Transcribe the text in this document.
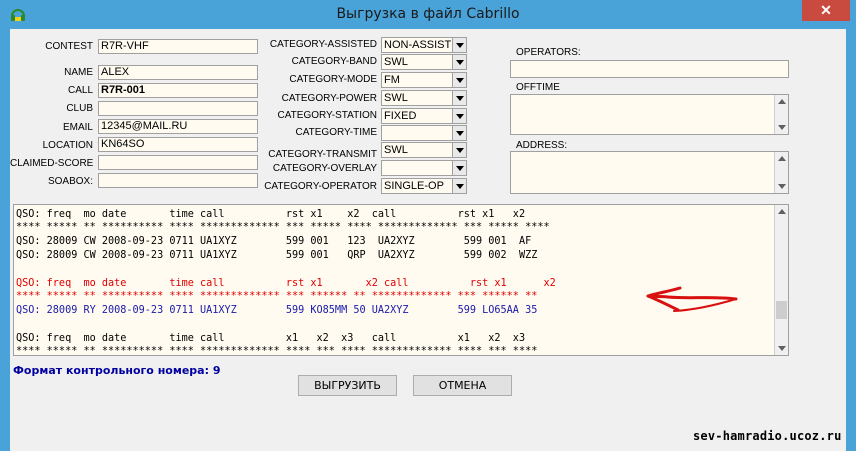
Выгрузка в файл Cabrillo	✕
CONTEST R7R-VHF
NAME ALEX
CALL R7R-001
CLUB
EMAIL 12345@MAIL.RU
LOCATION KN64SO
CLAIMED-SCORE
SOABOX:
CATEGORY-ASSISTED NON-ASSIST
CATEGORY-BAND SWL
CATEGORY-MODE FM
CATEGORY-POWER SWL
CATEGORY-STATION FIXED
CATEGORY-TIME
CATEGORY-TRANSMIT SWL
CATEGORY-OVERLAY
CATEGORY-OPERATOR SINGLE-OP
OPERATORS:
OFFTIME
ADDRESS:
QSO: freq  mo date       time call          rst x1    x2  call          rst x1   x2
**** ***** ** ********** **** ************* *** ***** **** ************* *** ***** ****
QSO: 28009 CW 2008-09-23 0711 UA1XYZ        599 001   123  UA2XYZ        599 001  AF
QSO: 28009 CW 2008-09-23 0711 UA1XYZ        599 001   QRP  UA2XYZ        599 002  WZZ
QSO: freq  mo date       time call          rst x1       x2 call          rst x1      x2
**** ***** ** ********** **** ************* *** ****** ** ************* *** ****** **
QSO: 28009 RY 2008-09-23 0711 UA1XYZ        599 KO85MM 50 UA2XYZ        599 LO65AA 35
QSO: freq  mo date       time call          x1   x2  x3   call          x1   x2  x3
**** ***** ** ********** **** ************* **** *** **** ************* **** *** ****
Формат контрольного номера: 9
ВЫГРУЗИТЬ	ОТМЕНА
sev-hamradio.ucoz.ru
